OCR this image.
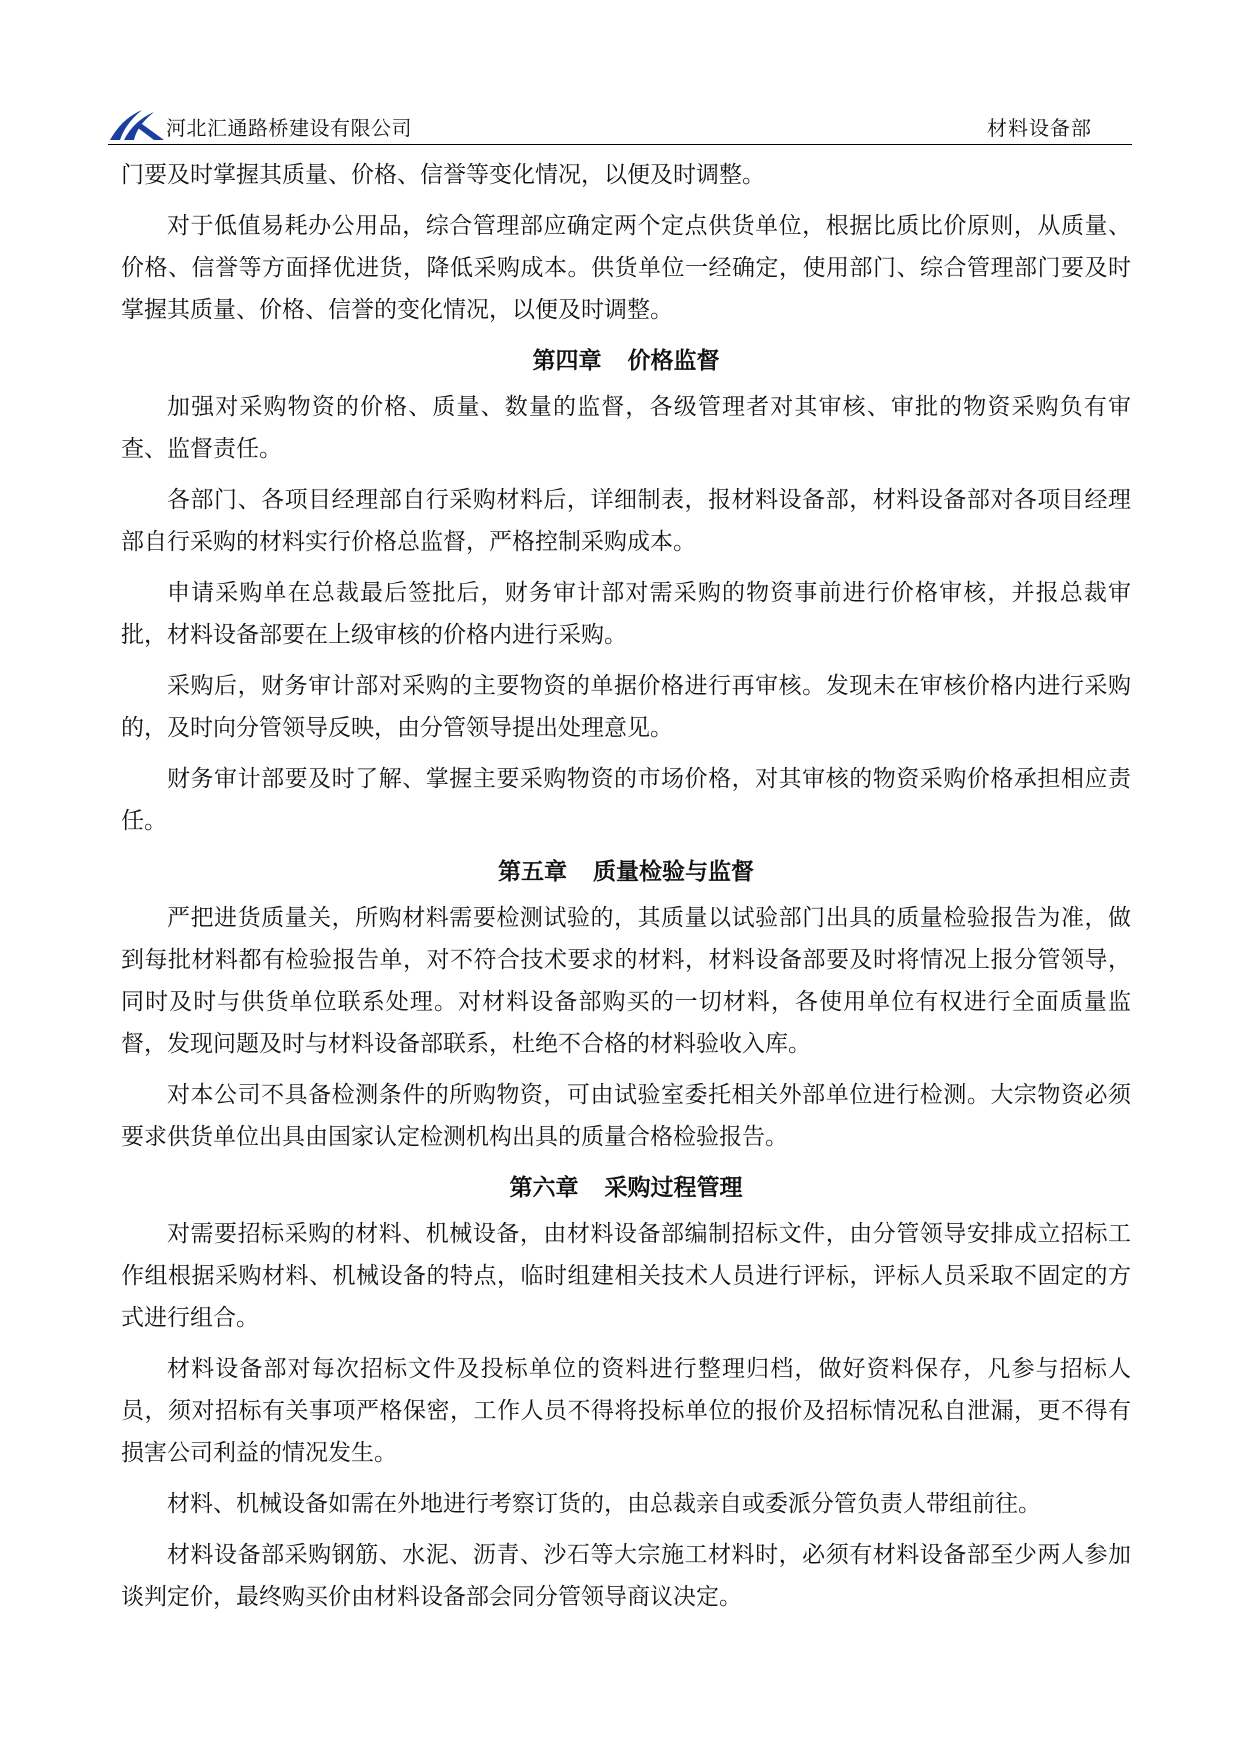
河北汇通路桥建设有限公司	材料设备部

门要及时掌握其质量、价格、信誉等变化情况，以便及时调整。

对于低值易耗办公用品，综合管理部应确定两个定点供货单位，根据比质比价原则，从质量、价格、信誉等方面择优进货，降低采购成本。供货单位一经确定，使用部门、综合管理部门要及时掌握其质量、价格、信誉的变化情况，以便及时调整。

第四章 价格监督

加强对采购物资的价格、质量、数量的监督，各级管理者对其审核、审批的物资采购负有审查、监督责任。

各部门、各项目经理部自行采购材料后，详细制表，报材料设备部，材料设备部对各项目经理部自行采购的材料实行价格总监督，严格控制采购成本。

申请采购单在总裁最后签批后，财务审计部对需采购的物资事前进行价格审核，并报总裁审批，材料设备部要在上级审核的价格内进行采购。

采购后，财务审计部对采购的主要物资的单据价格进行再审核。发现未在审核价格内进行采购的，及时向分管领导反映，由分管领导提出处理意见。

财务审计部要及时了解、掌握主要采购物资的市场价格，对其审核的物资采购价格承担相应责任。

第五章 质量检验与监督

严把进货质量关，所购材料需要检测试验的，其质量以试验部门出具的质量检验报告为准，做到每批材料都有检验报告单，对不符合技术要求的材料，材料设备部要及时将情况上报分管领导，同时及时与供货单位联系处理。对材料设备部购买的一切材料，各使用单位有权进行全面质量监督，发现问题及时与材料设备部联系，杜绝不合格的材料验收入库。

对本公司不具备检测条件的所购物资，可由试验室委托相关外部单位进行检测。大宗物资必须要求供货单位出具由国家认定检测机构出具的质量合格检验报告。

第六章 采购过程管理

对需要招标采购的材料、机械设备，由材料设备部编制招标文件，由分管领导安排成立招标工作组根据采购材料、机械设备的特点，临时组建相关技术人员进行评标，评标人员采取不固定的方式进行组合。

材料设备部对每次招标文件及投标单位的资料进行整理归档，做好资料保存，凡参与招标人员，须对招标有关事项严格保密，工作人员不得将投标单位的报价及招标情况私自泄漏，更不得有损害公司利益的情况发生。

材料、机械设备如需在外地进行考察订货的，由总裁亲自或委派分管负责人带组前往。

材料设备部采购钢筋、水泥、沥青、沙石等大宗施工材料时，必须有材料设备部至少两人参加谈判定价，最终购买价由材料设备部会同分管领导商议决定。
